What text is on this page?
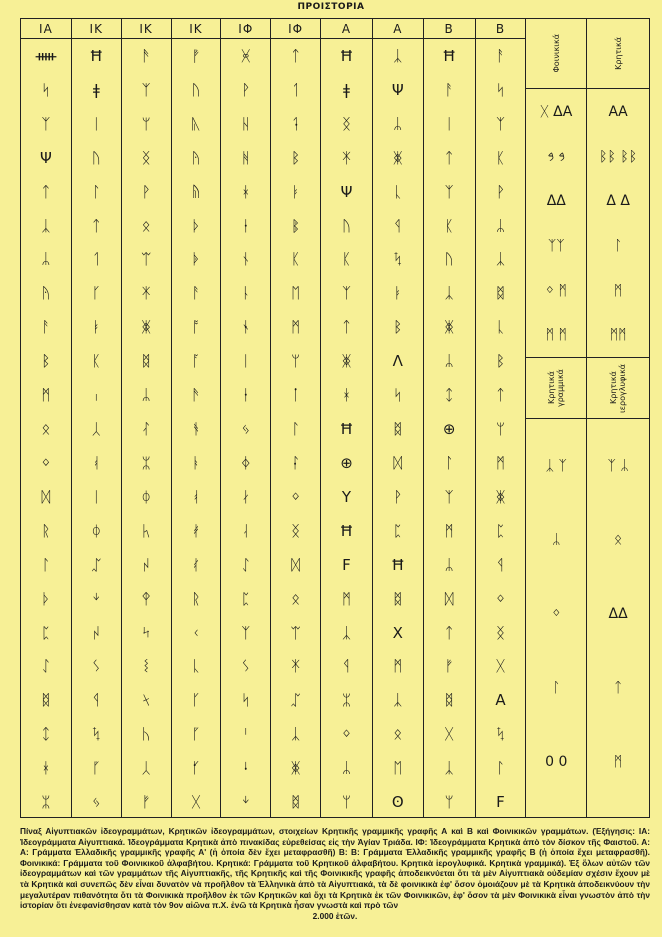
ΠΡΟΙΣΤΟΡΙΑ
ΙΑ
ᚔ
ᛋ
ᛉ
Ψ
ᛏ
ᛣ
ᛦ
ᚤ
ᚨ
ᛒ
ᛗ
ᛟ
ᛜ
ᛞ
ᚱ
ᛚ
ᚦ
ᛈ
ᛇ
ᛥ
ᛨ
ᚼ
ᛯ
ΙΚ
Ħ
ǂ
ᛁ
ᚢ
ᛚ
ᛏ
ᛐ
ᚴ
ᛓ
ᛕ
ᛧ
ᛸ
ᚮ
ᛁ
ᛰ
ᛢ
ᛎ
ᛲ
ᛊ
ᛩ
ᛪ
ᚵ
ᛃ
ΙΚ
ᚫ
ᛉ
ᛘ
ᛝ
ᚹ
ᛟ
ᛠ
ᛡ
ᛤ
ᛥ
ᛦ
ᛮ
ᛯ
ᛰ
ᛱ
ᛲ
ᛳ
ᛴ
ᛵ
ᛶ
ᛷ
ᛸ
ᚠ
ΙΚ
ᚡ
ᚢ
ᚣ
ᚤ
ᚥ
ᚦ
ᚧ
ᚨ
ᚩ
ᚪ
ᚫ
ᚬ
ᚭ
ᚮ
ᚯ
ᚰ
ᚱ
ᚲ
ᚳ
ᚴ
ᚵ
ᚶ
ᚷ
ΙΦ
ᚸ
ᚹ
ᚺ
ᚻ
ᚼ
ᚽ
ᚾ
ᚿ
ᛀ
ᛁ
ᛂ
ᛃ
ᛄ
ᛅ
ᛆ
ᛇ
ᛈ
ᛉ
ᛊ
ᛋ
ᛌ
ᛍ
ᛎ
ΙΦ
ᛏ
ᛐ
ᛑ
ᛒ
ᛓ
ᛔ
ᛕ
ᛖ
ᛗ
ᛘ
ᛙ
ᛚ
ᛛ
ᛜ
ᛝ
ᛞ
ᛟ
ᛠ
ᛡ
ᛢ
ᛣ
ᛤ
ᛥ
Α
Ħ
ǂ
ᛝ
ᛡ
Ψ
ᚢ
ᛕ
ᛉ
ᛏ
ᛤ
ᚼ
Ħ
⊕
Υ
Ħ
F
ᛗ
ᛣ
ᛩ
ᛯ
ᛜ
ᛦ
ᛘ
Α
ᛣ
Ψ
ᛦ
ᛤ
ᚳ
ᛩ
ᛪ
ᛓ
ᛒ
Λ
ᛋ
ᛥ
ᛞ
ᚹ
ᛈ
Ħ
ᛥ
Χ
ᛗ
ᛣ
ᛟ
ᛖ
ʘ
Β
Ħ
ᚨ
ᛁ
ᛏ
ᛉ
ᛕ
ᚢ
ᛣ
ᛤ
ᛦ
ᛨ
⊕
ᛚ
ᛉ
ᛗ
ᛦ
ᛞ
ᛏ
ᚠ
ᛥ
ᚷ
ᛣ
ᛘ
Β
ᚨ
ᛋ
ᛉ
ᛕ
ᚹ
ᛦ
ᛣ
ᛥ
ᚳ
ᛒ
ᛏ
ᛘ
ᛗ
ᛤ
ᛈ
ᛩ
ᛜ
ᛝ
ᚷ
Α
ᛪ
ᛚ
F
Φοινικικά
ᚷ ΔΑ
𐤁 𐤁
ΔΔ
ᛉᛉ
ᛜ ᛗ
ᛗ ᛗ
Κρητικά γραμμικά
ᛣ ᛉ
ᛦ
ᛜ
ᛚ
0 0
Κρητικά
ΑΑ
ᛒᛒ ᛒᛒ
Δ Δ
ᛚ
ᛗ
ᛗᛗ
Κρητικά ιερογλυφικά
ᛉ ᛦ
ᛟ
ΔΔ
ᛏ
ᛗ
Πίναξ Αἰγυπτιακῶν ἰδεογραμμάτων, Κρητικῶν ἰδεογραμμάτων, στοιχείων Κρητικῆς γραμμικῆς γραφῆς Α καὶ Β καὶ Φοινικικῶν γραμμάτων. (Ἐξήγησις: ΙΑ: Ἰδεογράμματα Αἰγυπτιακά. Ἰδεογράμματα Κρητικὰ ἀπὸ πινακίδας εὑρεθείσας εἰς τὴν Ἁγίαν Τριάδα. ΙΦ: Ἰδεογράμματα Κρητικὰ ἀπὸ τὸν δίσκον τῆς Φαιστοῦ. Α: Α: Γράμματα Ἑλλαδικῆς γραμμικῆς γραφῆς Α' (ἡ ὁποία δὲν ἔχει μεταφρασθῆ) Β: Β: Γράμματα Ἑλλαδικῆς γραμμικῆς γραφῆς Β (ἡ ὁποία ἔχει μεταφρασθῆ). Φοινικικά: Γράμματα τοῦ Φοινικικοῦ ἀλφαβήτου. Κρητικά: Γράμματα τοῦ Κρητικοῦ ἀλφαβήτου. Κρητικὰ ἱερογλυφικά. Κρητικὰ γραμμικά). Ἐξ ὅλων αὐτῶν τῶν ἰδεογραμμάτων καὶ τῶν γραμμάτων τῆς Αἰγυπτιακῆς, τῆς Κρητικῆς καὶ τῆς Φοινικικῆς γραφῆς ἀποδεικνύεται ὅτι τὰ μὲν Αἰγυπτιακὰ οὐδεμίαν σχέσιν ἔχουν μὲ τὰ Κρητικὰ καὶ συνεπῶς δὲν εἶναι δυνατὸν νὰ προῆλθον τὰ Ἑλληνικὰ ἀπὸ τὰ Αἰγυπτιακά, τὰ δὲ φοινικικὰ ἐφ' ὅσον ὁμοιάζουν μὲ τὰ Κρητικὰ ἀποδεικνύουν τὴν μεγαλυτέραν πιθανότητα ὅτι τὰ Φοινικικὰ προῆλθον ἐκ τῶν Κρητικῶν καὶ ὄχι τὰ Κρητικὰ ἐκ τῶν Φοινικικῶν, ἐφ' ὅσον τὰ μὲν Φοινικικὰ εἶναι γνωστὸν ἀπὸ τὴν ἱστορίαν ὅτι ἐνεφανίσθησαν κατὰ τὸν 9ον αἰῶνα π.Χ. ἐνῶ τὰ Κρητικὰ ἦσαν γνωστὰ καὶ πρὸ τῶν
2.000 ἐτῶν.
